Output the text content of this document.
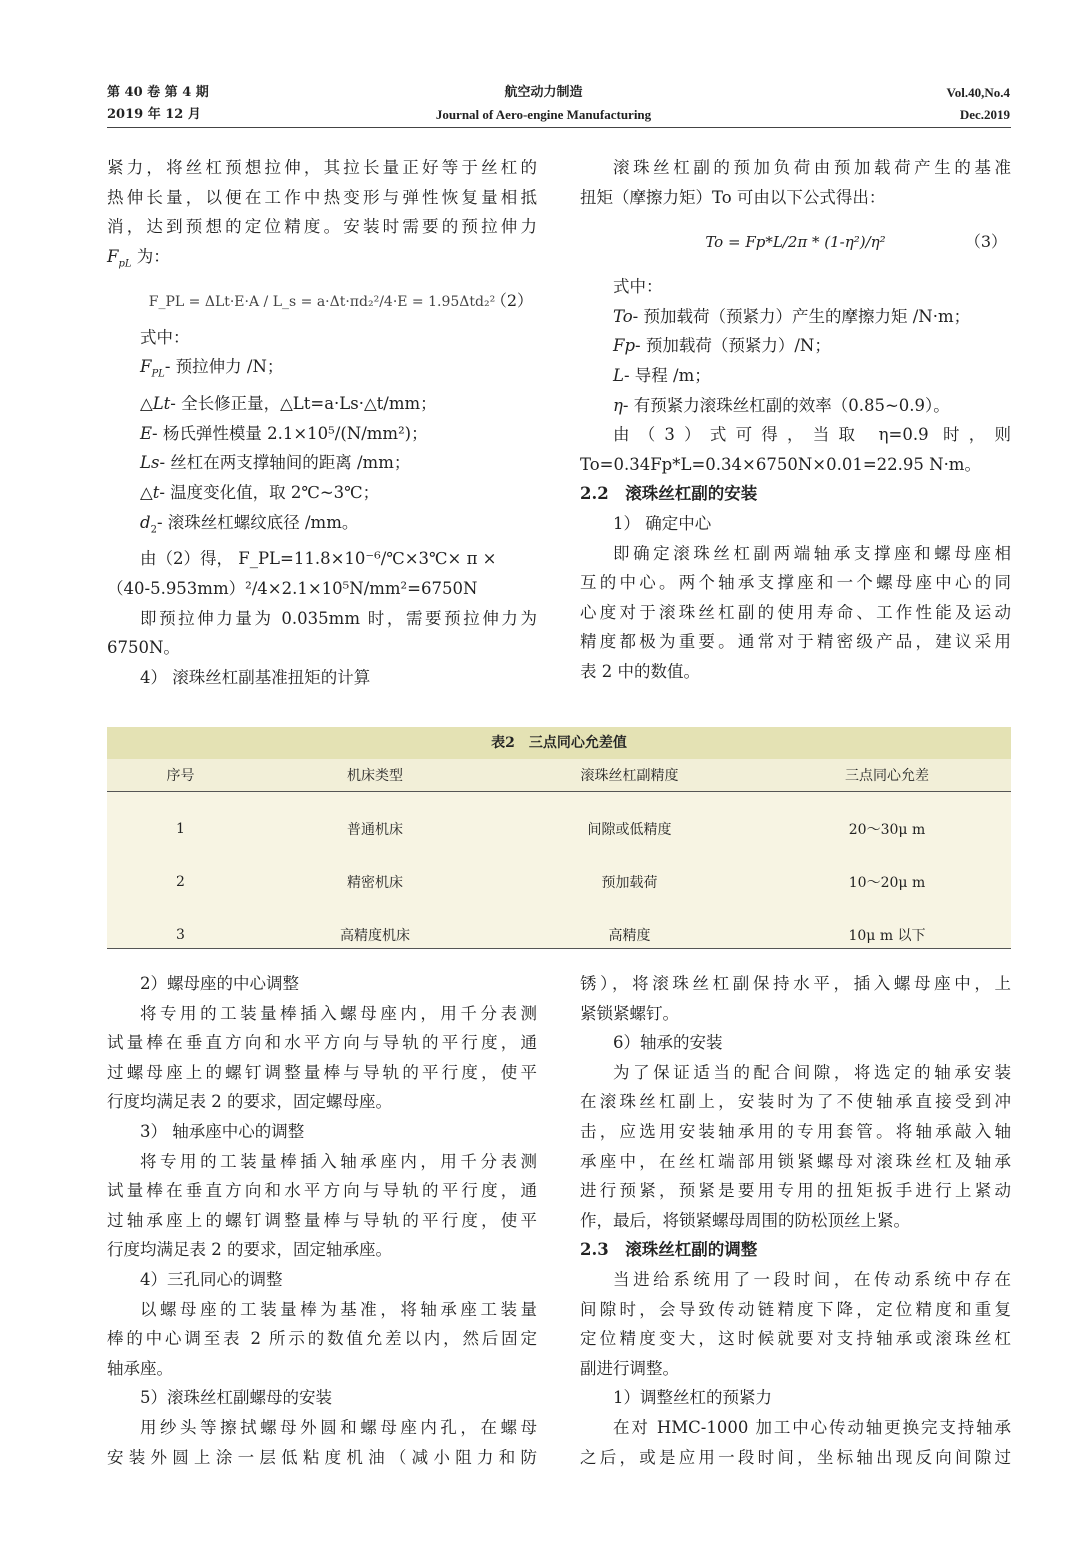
第 40 卷 第 4 期
2019 年 12 月
航空动力制造
Journal of Aero-engine Manufacturing
Vol.40,No.4
Dec.2019

紧力，将丝杠预想拉伸，其拉长量正好等于丝杠的

热伸长量，以便在工作中热变形与弹性恢复量相抵

消，达到预想的定位精度。安装时需要的预拉伸力

$F_{pL}$ 为：

F_PL = ΔLt·E·A / L_s = a·Δt·πd₂²/4·E = 1.95Δtd₂²
（2）

式中：

$F_{PL}-$ 预拉伸力 /N；

△Lt- 全长修正量，△Lt=a·Ls·△t/mm；

E- 杨氏弹性模量 2.1×10⁵/(N/mm²)；

Ls- 丝杠在两支撑轴间的距离 /mm；

△t- 温度变化值，取 2℃~3℃；

$d_2-$ 滚珠丝杠螺纹底径 /mm。

由（2）得， F_PL=11.8×10⁻⁶/℃×3℃× π ×

（40-5.953mm）²/4×2.1×10⁵N/mm²=6750N

即预拉伸力量为 0.035mm 时，需要预拉伸力为

6750N。

4） 滚珠丝杠副基准扭矩的计算

滚珠丝杠副的预加负荷由预加载荷产生的基准

扭矩（摩擦力矩）To 可由以下公式得出：

To = Fp*L/2π * (1-η²)/η²	（3）

式中：

To- 预加载荷（预紧力）产生的摩擦力矩 /N·m；

Fp- 预加载荷（预紧力）/N；

L- 导程 /m；

η- 有预紧力滚珠丝杠副的效率（0.85~0.9）。

由（3）式可得，当取 η=0.9 时，则

To=0.34Fp*L=0.34×6750N×0.01=22.95 N·m。

2.2　滚珠丝杠副的安装

1） 确定中心

即确定滚珠丝杠副两端轴承支撑座和螺母座相

互的中心。两个轴承支撑座和一个螺母座中心的同

心度对于滚珠丝杠副的使用寿命、工作性能及运动

精度都极为重要。通常对于精密级产品，建议采用

表 2 中的数值。

表2　三点同心允差值
序号	机床类型	滚珠丝杠副精度	三点同心允差

1	普通机床	间隙或低精度	20～30μ m
2	精密机床	预加载荷	10～20μ m
3	高精度机床	高精度	10μ m 以下

2）螺母座的中心调整

将专用的工装量棒插入螺母座内，用千分表测

试量棒在垂直方向和水平方向与导轨的平行度，通

过螺母座上的螺钉调整量棒与导轨的平行度，使平

行度均满足表 2 的要求，固定螺母座。

3） 轴承座中心的调整

将专用的工装量棒插入轴承座内，用千分表测

试量棒在垂直方向和水平方向与导轨的平行度，通

过轴承座上的螺钉调整量棒与导轨的平行度，使平

行度均满足表 2 的要求，固定轴承座。

4）三孔同心的调整

以螺母座的工装量棒为基准，将轴承座工装量

棒的中心调至表 2 所示的数值允差以内，然后固定

轴承座。

5）滚珠丝杠副螺母的安装

用纱头等擦拭螺母外圆和螺母座内孔，在螺母

安装外圆上涂一层低粘度机油（减小阻力和防

锈），将滚珠丝杠副保持水平，插入螺母座中，上

紧锁紧螺钉。

6）轴承的安装

为了保证适当的配合间隙，将选定的轴承安装

在滚珠丝杠副上，安装时为了不使轴承直接受到冲

击，应选用安装轴承用的专用套管。将轴承敲入轴

承座中，在丝杠端部用锁紧螺母对滚珠丝杠及轴承

进行预紧，预紧是要用专用的扭矩扳手进行上紧动

作，最后，将锁紧螺母周围的防松顶丝上紧。

2.3　滚珠丝杠副的调整

当进给系统用了一段时间，在传动系统中存在

间隙时，会导致传动链精度下降，定位精度和重复

定位精度变大，这时候就要对支持轴承或滚珠丝杠

副进行调整。

1）调整丝杠的预紧力

在对 HMC-1000 加工中心传动轴更换完支持轴承

之后，或是应用一段时间，坐标轴出现反向间隙过
